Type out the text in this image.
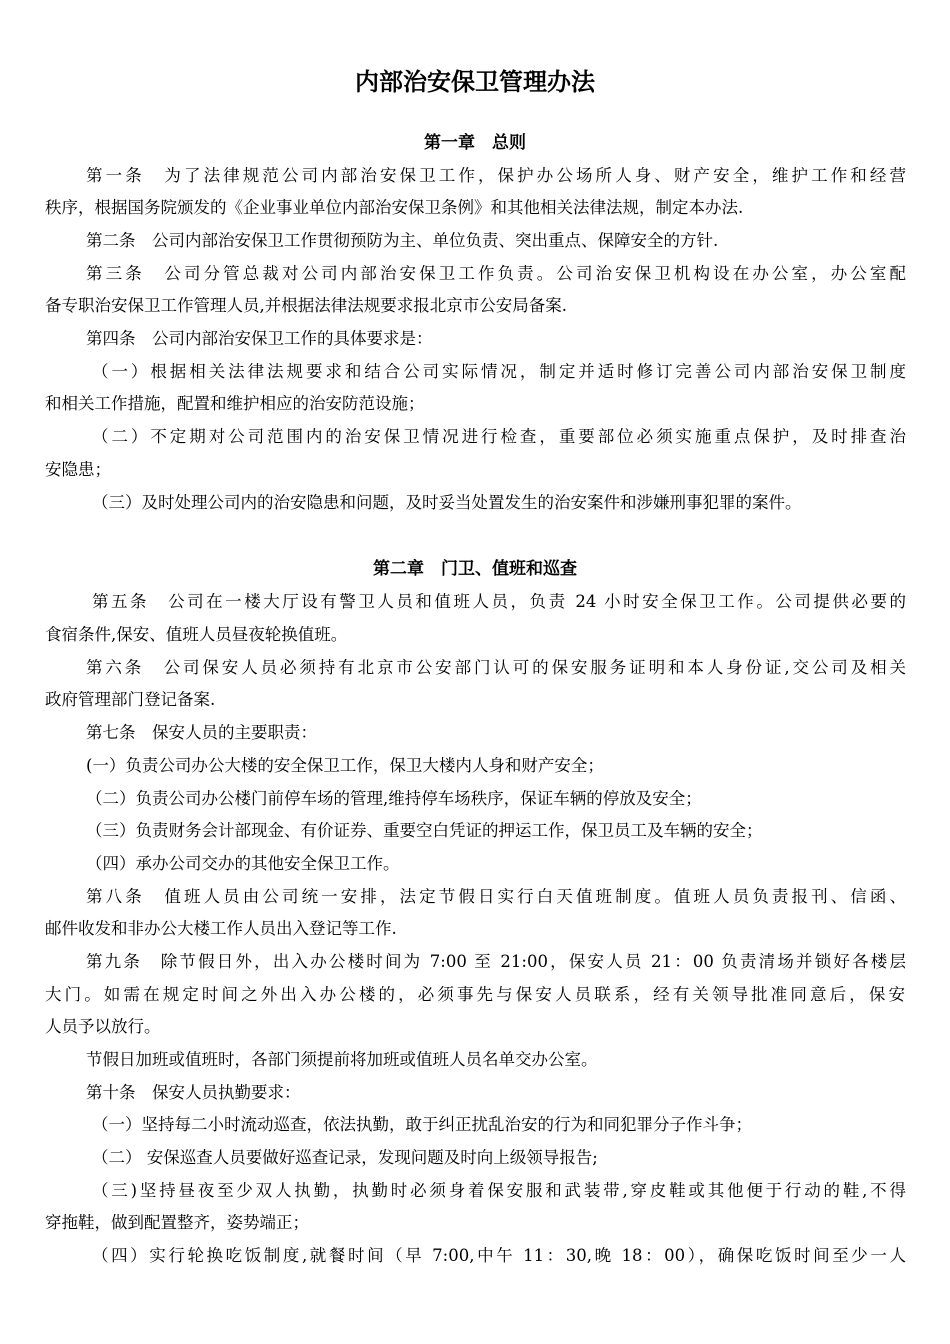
内部治安保卫管理办法
第一章　总则
第一条　为了法律规范公司内部治安保卫工作，保护办公场所人身、财产安全，维护工作和经营
秩序，根据国务院颁发的《企业事业单位内部治安保卫条例》和其他相关法律法规，制定本办法.
第二条　公司内部治安保卫工作贯彻预防为主、单位负责、突出重点、保障安全的方针.
第三条　公司分管总裁对公司内部治安保卫工作负责。公司治安保卫机构设在办公室，办公室配
备专职治安保卫工作管理人员,并根据法律法规要求报北京市公安局备案.
第四条　公司内部治安保卫工作的具体要求是：
（一）根据相关法律法规要求和结合公司实际情况，制定并适时修订完善公司内部治安保卫制度
和相关工作措施，配置和维护相应的治安防范设施；
（二）不定期对公司范围内的治安保卫情况进行检查，重要部位必须实施重点保护，及时排查治
安隐患；
（三）及时处理公司内的治安隐患和问题，及时妥当处置发生的治安案件和涉嫌刑事犯罪的案件。
第二章　门卫、值班和巡查
第五条　公司在一楼大厅设有警卫人员和值班人员，负责 24 小时安全保卫工作。公司提供必要的
食宿条件,保安、值班人员昼夜轮换值班。
第六条　公司保安人员必须持有北京市公安部门认可的保安服务证明和本人身份证,交公司及相关
政府管理部门登记备案.
第七条　保安人员的主要职责：
(一）负责公司办公大楼的安全保卫工作，保卫大楼内人身和财产安全；
（二）负责公司办公楼门前停车场的管理,维持停车场秩序，保证车辆的停放及安全；
（三）负责财务会计部现金、有价证券、重要空白凭证的押运工作，保卫员工及车辆的安全；
（四）承办公司交办的其他安全保卫工作。
第八条　值班人员由公司统一安排，法定节假日实行白天值班制度。值班人员负责报刊、信函、
邮件收发和非办公大楼工作人员出入登记等工作.
第九条　除节假日外，出入办公楼时间为 7:00 至 21:00，保安人员 21：00 负责清场并锁好各楼层
大门。如需在规定时间之外出入办公楼的，必须事先与保安人员联系，经有关领导批准同意后，保安
人员予以放行。
节假日加班或值班时，各部门须提前将加班或值班人员名单交办公室。
第十条　保安人员执勤要求：
（一）坚持每二小时流动巡查，依法执勤，敢于纠正扰乱治安的行为和同犯罪分子作斗争；
（二） 安保巡查人员要做好巡查记录，发现问题及时向上级领导报告;
（三)坚持昼夜至少双人执勤，执勤时必须身着保安服和武装带,穿皮鞋或其他便于行动的鞋,不得
穿拖鞋，做到配置整齐，姿势端正；
（四）实行轮换吃饭制度,就餐时间（早 7:00,中午 11：30,晚 18：00），确保吃饭时间至少一人
